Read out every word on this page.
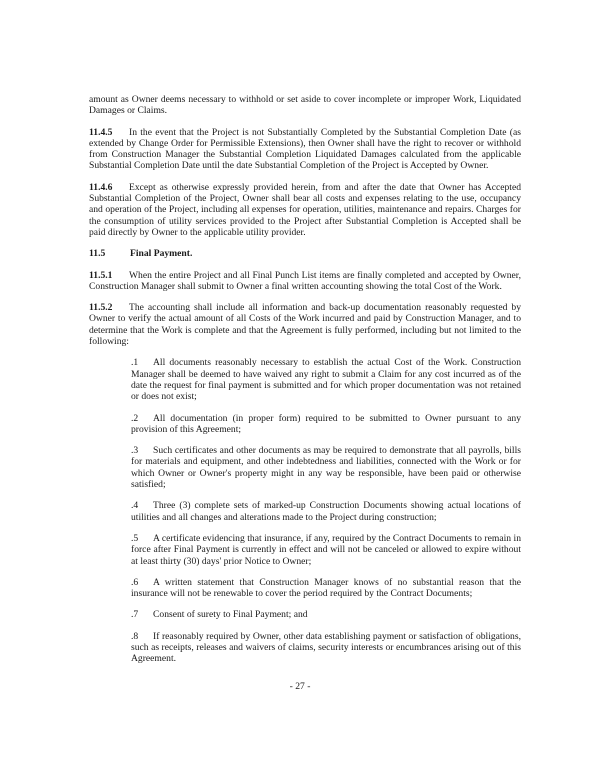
amount as Owner deems necessary to withhold or set aside to cover incomplete or improper Work, Liquidated Damages or Claims.

11.4.5 In the event that the Project is not Substantially Completed by the Substantial Completion Date (as extended by Change Order for Permissible Extensions), then Owner shall have the right to recover or withhold from Construction Manager the Substantial Completion Liquidated Damages calculated from the applicable Substantial Completion Date until the date Substantial Completion of the Project is Accepted by Owner.

11.4.6 Except as otherwise expressly provided herein, from and after the date that Owner has Accepted Substantial Completion of the Project, Owner shall bear all costs and expenses relating to the use, occupancy and operation of the Project, including all expenses for operation, utilities, maintenance and repairs. Charges for the consumption of utility services provided to the Project after Substantial Completion is Accepted shall be paid directly by Owner to the applicable utility provider.

11.5	Final Payment.

11.5.1 When the entire Project and all Final Punch List items are finally completed and accepted by Owner, Construction Manager shall submit to Owner a final written accounting showing the total Cost of the Work.

11.5.2 The accounting shall include all information and back-up documentation reasonably requested by Owner to verify the actual amount of all Costs of the Work incurred and paid by Construction Manager, and to determine that the Work is complete and that the Agreement is fully performed, including but not limited to the following:

.1 All documents reasonably necessary to establish the actual Cost of the Work. Construction Manager shall be deemed to have waived any right to submit a Claim for any cost incurred as of the date the request for final payment is submitted and for which proper documentation was not retained or does not exist;

.2 All documentation (in proper form) required to be submitted to Owner pursuant to any provision of this Agreement;

.3 Such certificates and other documents as may be required to demonstrate that all payrolls, bills for materials and equipment, and other indebtedness and liabilities, connected with the Work or for which Owner or Owner's property might in any way be responsible, have been paid or otherwise satisfied;

.4 Three (3) complete sets of marked-up Construction Documents showing actual locations of utilities and all changes and alterations made to the Project during construction;

.5 A certificate evidencing that insurance, if any, required by the Contract Documents to remain in force after Final Payment is currently in effect and will not be canceled or allowed to expire without at least thirty (30) days' prior Notice to Owner;

.6 A written statement that Construction Manager knows of no substantial reason that the insurance will not be renewable to cover the period required by the Contract Documents;

.7 Consent of surety to Final Payment; and

.8 If reasonably required by Owner, other data establishing payment or satisfaction of obligations, such as receipts, releases and waivers of claims, security interests or encumbrances arising out of this Agreement.

- 27 -
